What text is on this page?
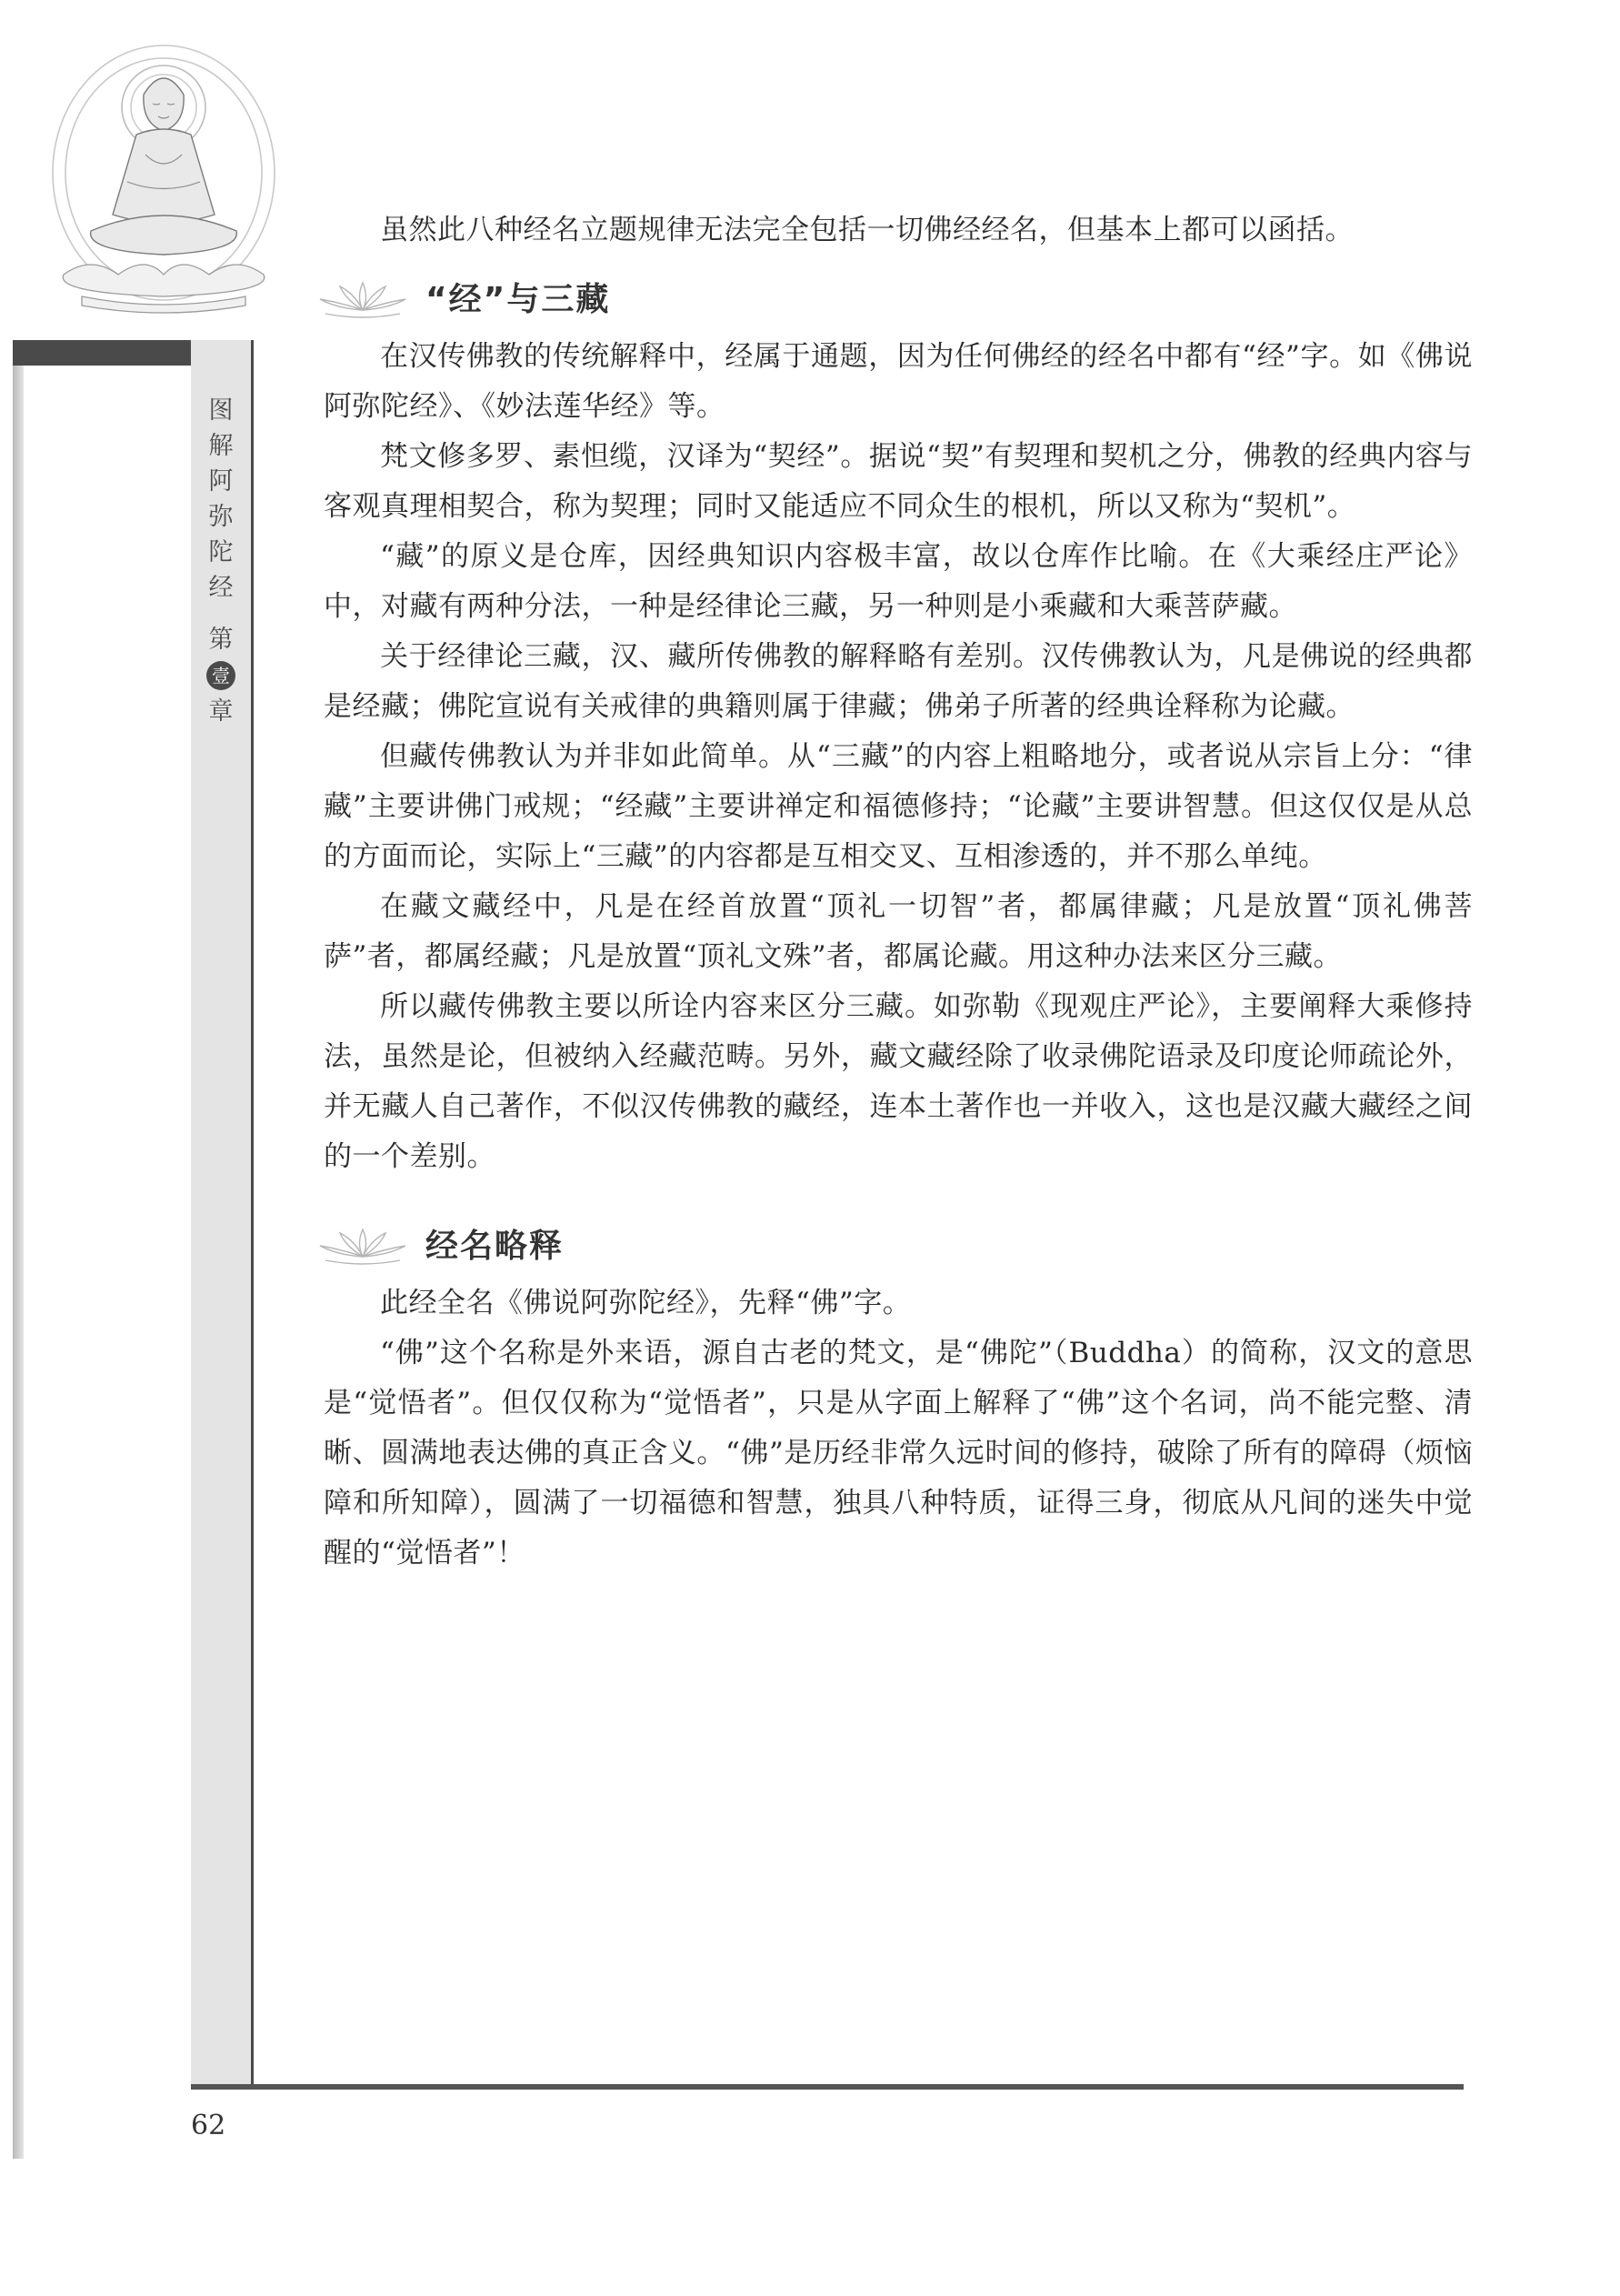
图
解
阿
弥
陀
经
第
壹
章
62

虽然此八种经名立题规律无法完全包括一切佛经经名，但基本上都可以函括。

“经”与三藏

在汉传佛教的传统解释中，经属于通题，因为任何佛经的经名中都有“经”字。如《佛说阿弥陀经》、《妙法莲华经》等。

梵文修多罗、素怛缆，汉译为“契经”。据说“契”有契理和契机之分，佛教的经典内容与客观真理相契合，称为契理；同时又能适应不同众生的根机，所以又称为“契机”。

“藏”的原义是仓库，因经典知识内容极丰富，故以仓库作比喻。在《大乘经庄严论》中，对藏有两种分法，一种是经律论三藏，另一种则是小乘藏和大乘菩萨藏。

关于经律论三藏，汉、藏所传佛教的解释略有差别。汉传佛教认为，凡是佛说的经典都是经藏；佛陀宣说有关戒律的典籍则属于律藏；佛弟子所著的经典诠释称为论藏。

但藏传佛教认为并非如此简单。从“三藏”的内容上粗略地分，或者说从宗旨上分：“律藏”主要讲佛门戒规；“经藏”主要讲禅定和福德修持；“论藏”主要讲智慧。但这仅仅是从总的方面而论，实际上“三藏”的内容都是互相交叉、互相渗透的，并不那么单纯。

在藏文藏经中，凡是在经首放置“顶礼一切智”者，都属律藏；凡是放置“顶礼佛菩萨”者，都属经藏；凡是放置“顶礼文殊”者，都属论藏。用这种办法来区分三藏。

所以藏传佛教主要以所诠内容来区分三藏。如弥勒《现观庄严论》，主要阐释大乘修持法，虽然是论，但被纳入经藏范畴。另外，藏文藏经除了收录佛陀语录及印度论师疏论外，并无藏人自己著作，不似汉传佛教的藏经，连本土著作也一并收入，这也是汉藏大藏经之间的一个差别。

经名略释

此经全名《佛说阿弥陀经》，先释“佛”字。

“佛”这个名称是外来语，源自古老的梵文，是“佛陀”（Buddha）的简称，汉文的意思是“觉悟者”。但仅仅称为“觉悟者”，只是从字面上解释了“佛”这个名词，尚不能完整、清晰、圆满地表达佛的真正含义。“佛”是历经非常久远时间的修持，破除了所有的障碍（烦恼障和所知障），圆满了一切福德和智慧，独具八种特质，证得三身，彻底从凡间的迷失中觉醒的“觉悟者”！
